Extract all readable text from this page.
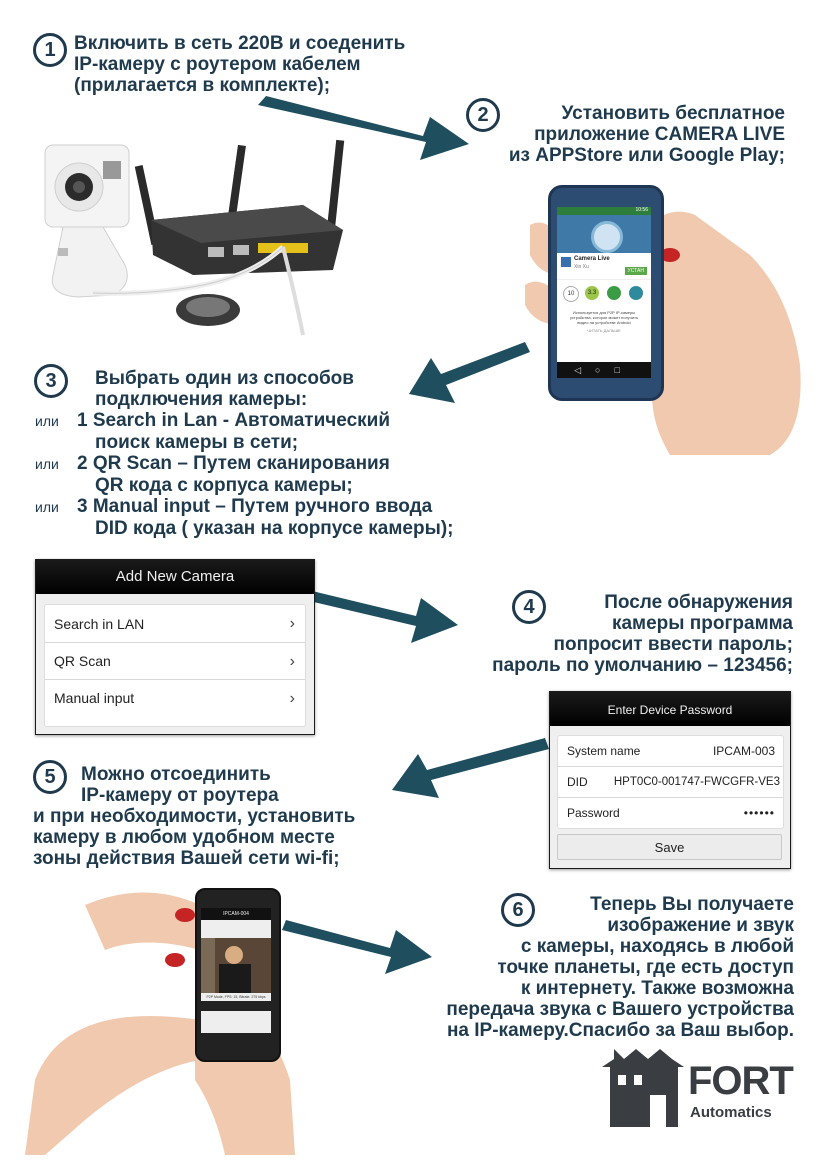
1 Включить в сеть 220В и соеденить
IP-камеру с роутером кабелем
(прилагается в комплекте);
2	Установить бесплатное
приложение CAMERA LIVE
из APPStore или Google Play;
3	Выбрать один из способов
подключения камеры:
или 1 Search in Lan - Автоматический
поиск камеры в сети;
или 2 QR Scan – Путем сканирования
QR кода с корпуса камеры;
или 3 Manual input – Путем ручного ввода
DID кода ( указан на корпусе камеры);
4	После обнаружения
камеры программа
попросит ввести пароль;
пароль по умолчанию – 123456;
5	Можно отсоединить
IP-камеру от роутера
и при необходимости, установить
камеру в любом удобном месте
зоны действия Вашей сети wi-fi;
6	Теперь Вы получаете
изображение и звук
с камеры, находясь в любой
точке планеты, где есть доступ
к интернету. Также возможна
передача звука с Вашего устройства
на IP-камеру.Спасибо за Ваш выбор.
10:56
Camera Live
Xin Xu
УСТАН
10	3.3
Используется для P2P IP-камеры
устройства, которое может получить
видео на устройстве Android
ЧИТАТЬ ДАЛЬШЕ
◁○□
Add New Camera
Search in LAN	›
QR Scan	›
Manual input	›
Enter Device Password
System name	IPCAM-003
DID HPT0C0-001747-FWCGFR-VE3
Password	••••••
Save
IPCAM-004
P2P Mode, FPS: 15, Bitrate: 275 kbps
FORT
Automatics
